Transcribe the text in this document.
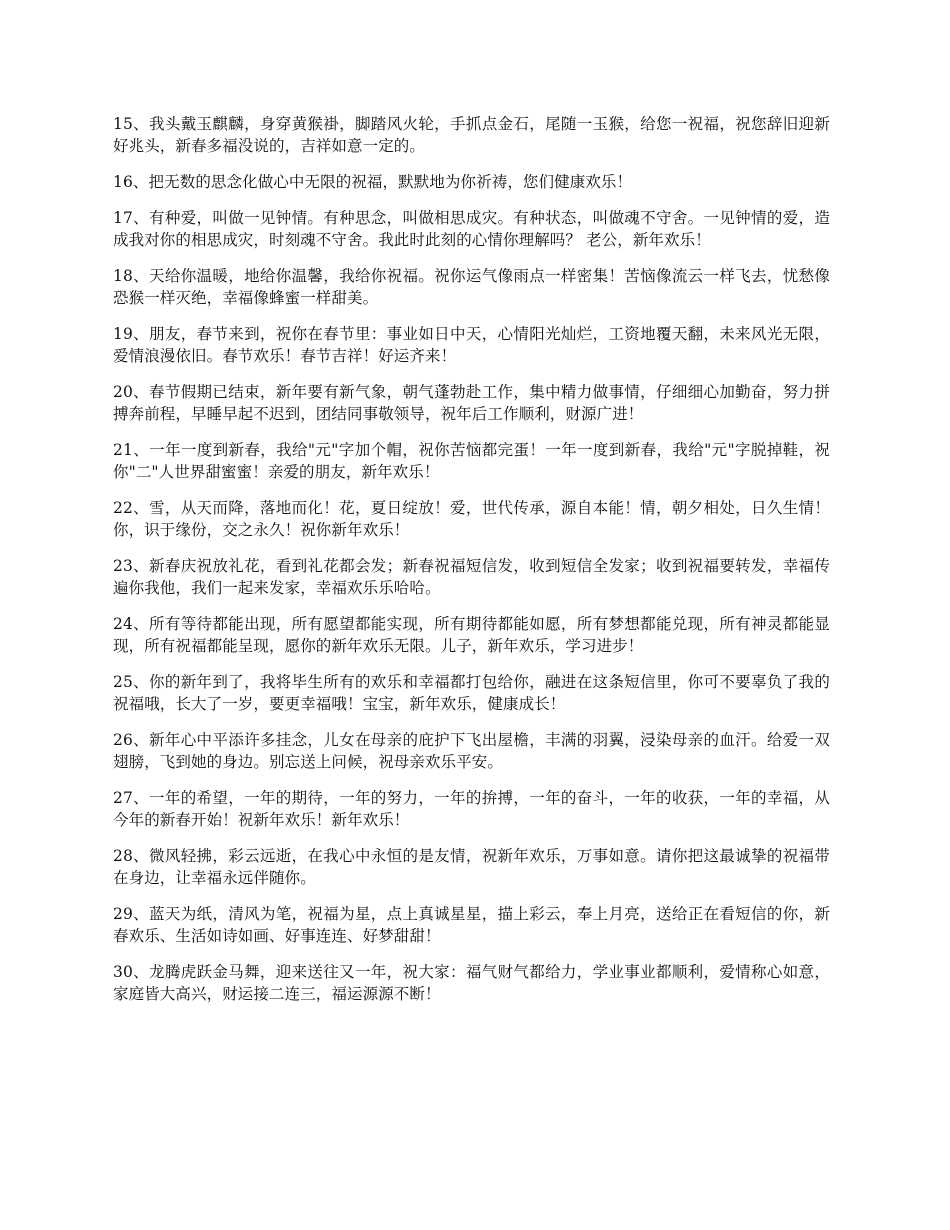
15、我头戴玉麒麟，身穿黄猴褂，脚踏风火轮，手抓点金石，尾随一玉猴，给您一祝福，祝您辞旧迎新好兆头，新春多福没说的，吉祥如意一定的。

16、把无数的思念化做心中无限的祝福，默默地为你祈祷，您们健康欢乐！

17、有种爱，叫做一见钟情。有种思念，叫做相思成灾。有种状态，叫做魂不守舍。一见钟情的爱，造成我对你的相思成灾，时刻魂不守舍。我此时此刻的心情你理解吗？ 老公，新年欢乐！

18、天给你温暖，地给你温馨，我给你祝福。祝你运气像雨点一样密集！苦恼像流云一样飞去，忧愁像恐猴一样灭绝，幸福像蜂蜜一样甜美。

19、朋友，春节来到，祝你在春节里：事业如日中天，心情阳光灿烂，工资地覆天翻，未来风光无限，爱情浪漫依旧。春节欢乐！春节吉祥！好运齐来！

20、春节假期已结束，新年要有新气象，朝气蓬勃赴工作，集中精力做事情，仔细细心加勤奋，努力拼搏奔前程，早睡早起不迟到，团结同事敬领导，祝年后工作顺利，财源广进！

21、一年一度到新春，我给"元"字加个帽，祝你苦恼都完蛋！一年一度到新春，我给"元"字脱掉鞋，祝你"二"人世界甜蜜蜜！亲爱的朋友，新年欢乐！

22、雪，从天而降，落地而化！花，夏日绽放！爱，世代传承，源自本能！情，朝夕相处，日久生情！你，识于缘份，交之永久！祝你新年欢乐！

23、新春庆祝放礼花，看到礼花都会发；新春祝福短信发，收到短信全发家；收到祝福要转发，幸福传遍你我他，我们一起来发家，幸福欢乐乐哈哈。

24、所有等待都能出现，所有愿望都能实现，所有期待都能如愿，所有梦想都能兑现，所有神灵都能显现，所有祝福都能呈现，愿你的新年欢乐无限。儿子，新年欢乐，学习进步！

25、你的新年到了，我将毕生所有的欢乐和幸福都打包给你，融进在这条短信里，你可不要辜负了我的祝福哦，长大了一岁，要更幸福哦！宝宝，新年欢乐，健康成长！

26、新年心中平添许多挂念，儿女在母亲的庇护下飞出屋檐，丰满的羽翼，浸染母亲的血汗。给爱一双翅膀，飞到她的身边。别忘送上问候，祝母亲欢乐平安。

27、一年的希望，一年的期待，一年的努力，一年的拚搏，一年的奋斗，一年的收获，一年的幸福，从今年的新春开始！祝新年欢乐！新年欢乐！

28、微风轻拂，彩云远逝，在我心中永恒的是友情，祝新年欢乐，万事如意。请你把这最诚挚的祝福带在身边，让幸福永远伴随你。

29、蓝天为纸，清风为笔，祝福为星，点上真诚星星，描上彩云，奉上月亮，送给正在看短信的你，新春欢乐、生活如诗如画、好事连连、好梦甜甜！

30、龙腾虎跃金马舞，迎来送往又一年，祝大家：福气财气都给力，学业事业都顺利，爱情称心如意，家庭皆大高兴，财运接二连三，福运源源不断！
